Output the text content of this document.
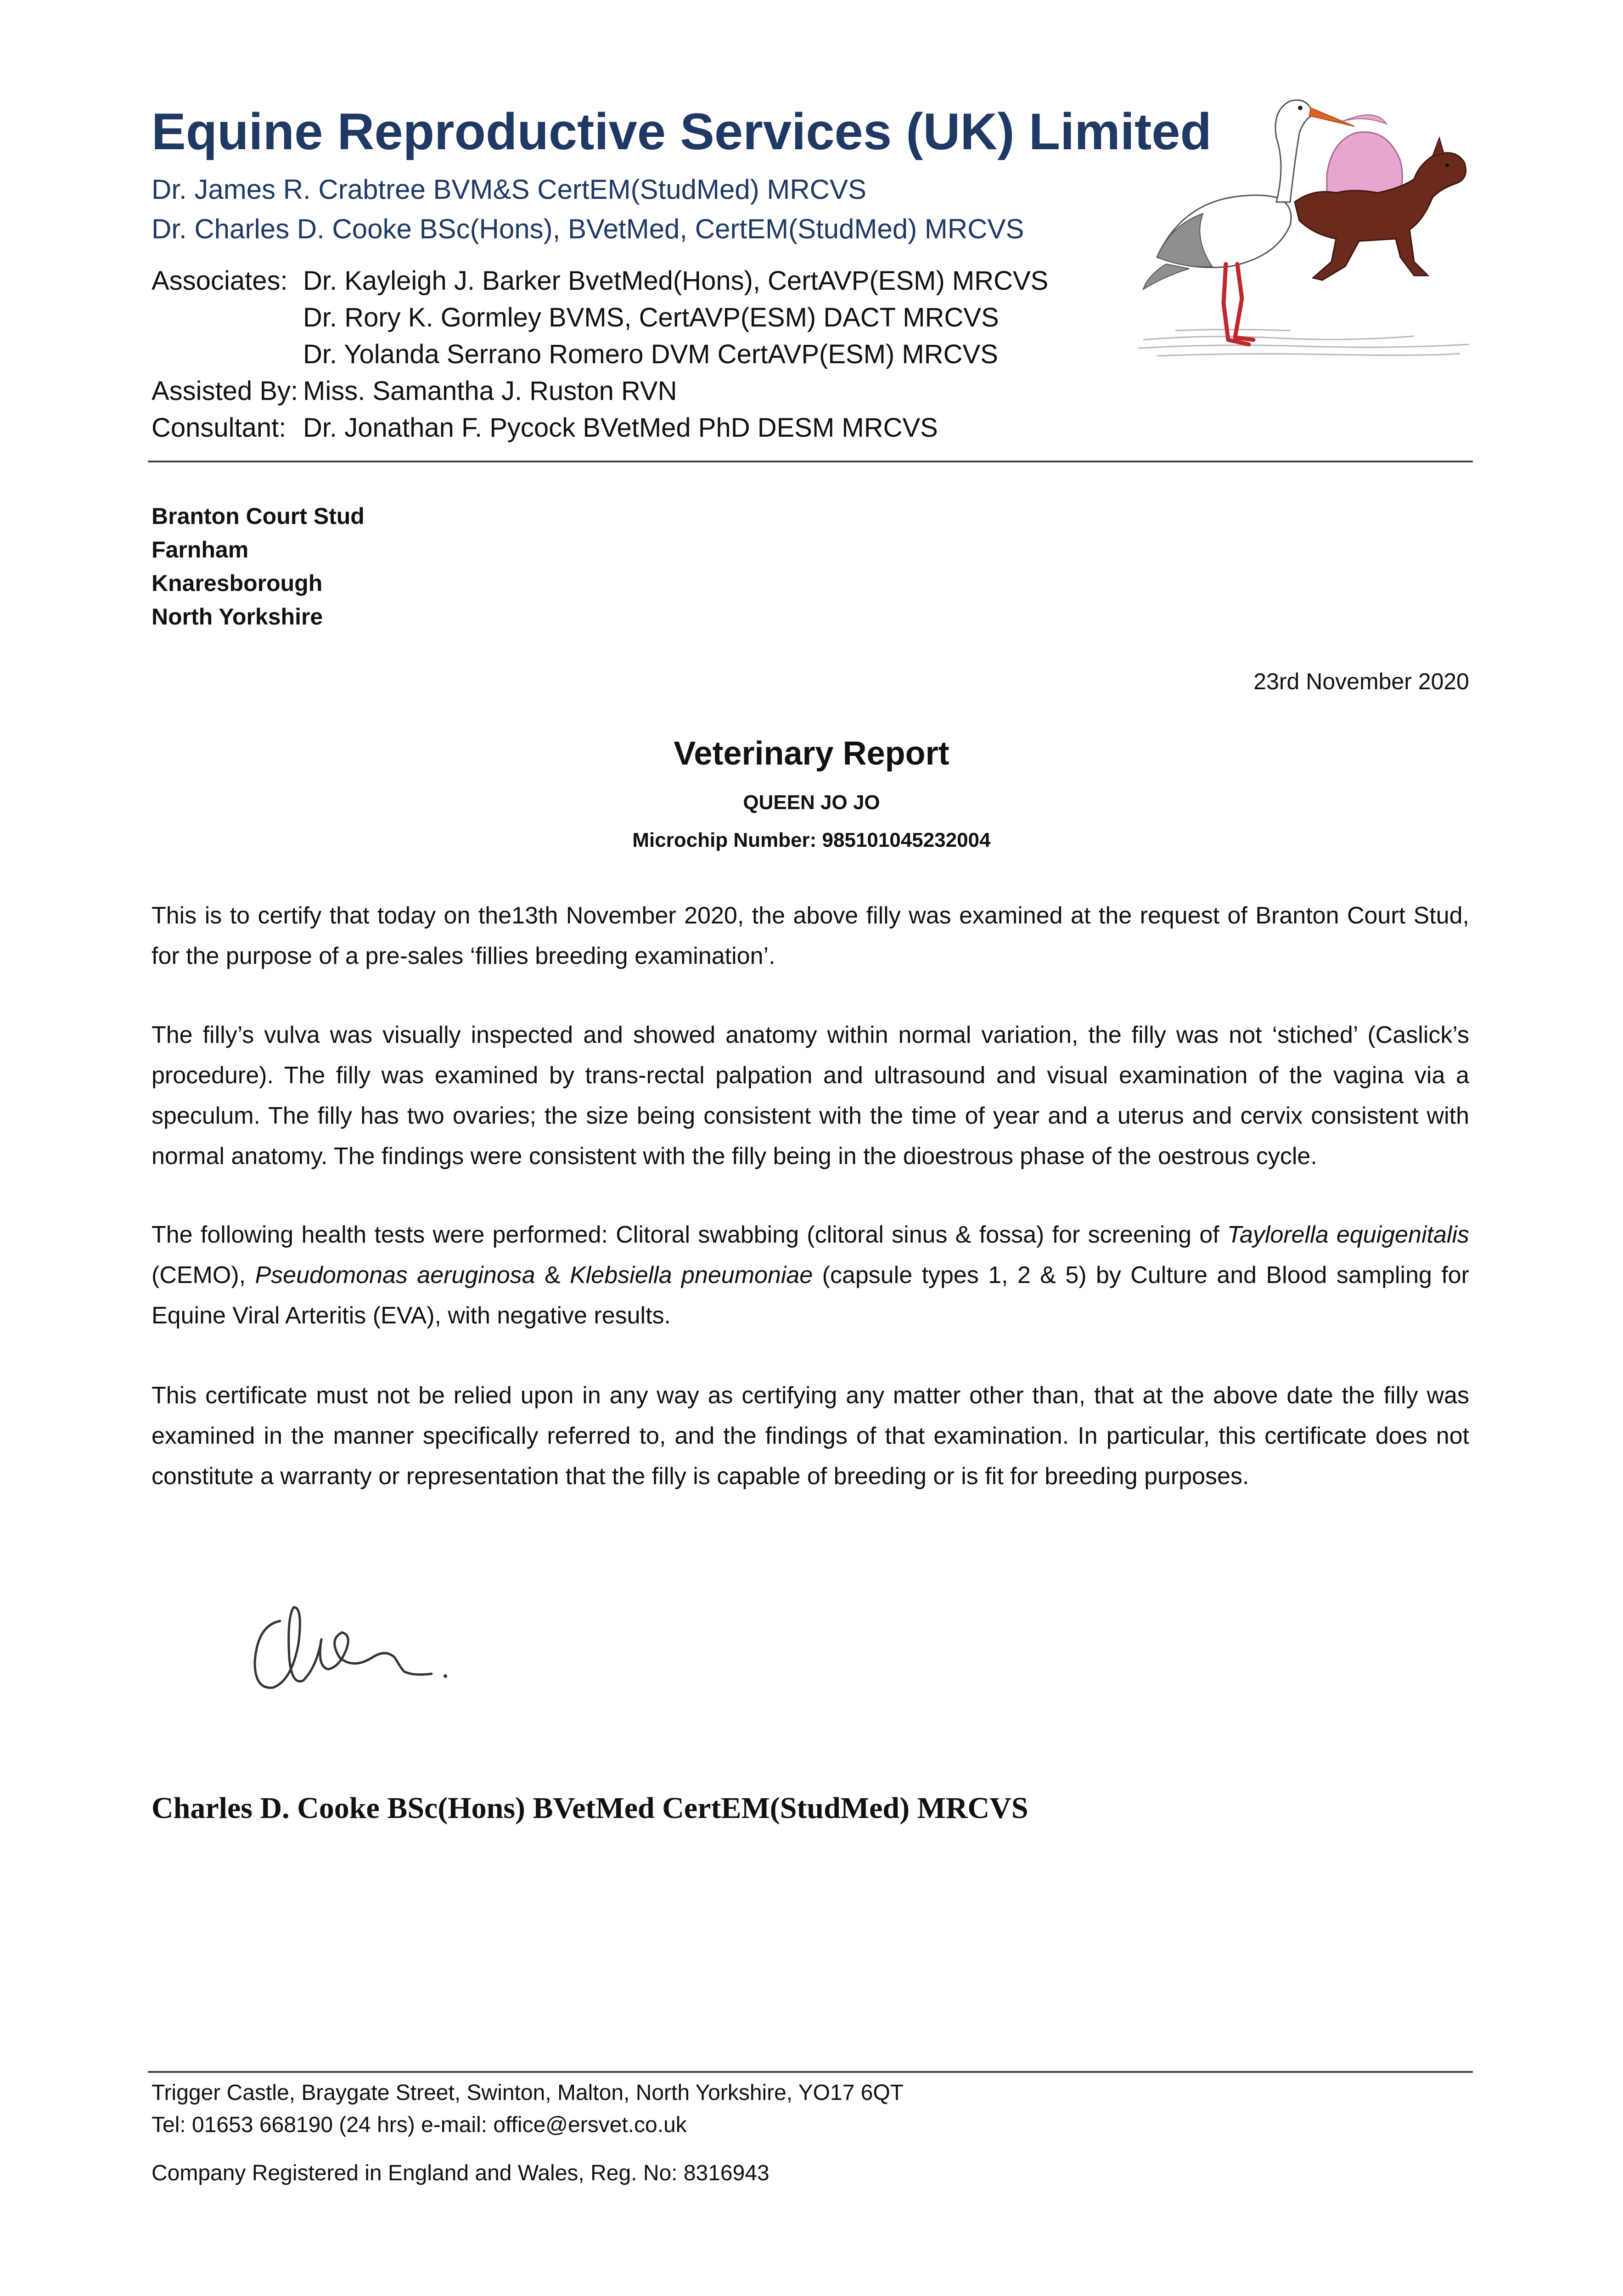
Equine Reproductive Services (UK) Limited
Dr. James R. Crabtree BVM&S CertEM(StudMed) MRCVS
Dr. Charles D. Cooke BSc(Hons), BVetMed, CertEM(StudMed) MRCVS
Associates: Dr. Kayleigh J. Barker BvetMed(Hons), CertAVP(ESM) MRCVS
Dr. Rory K. Gormley BVMS, CertAVP(ESM) DACT MRCVS
Dr. Yolanda Serrano Romero DVM CertAVP(ESM) MRCVS
Assisted By: Miss. Samantha J. Ruston RVN
Consultant: Dr. Jonathan F. Pycock BVetMed PhD DESM MRCVS
Branton Court Stud
Farnham
Knaresborough
North Yorkshire
23rd November 2020
Veterinary Report
QUEEN JO JO
Microchip Number: 985101045232004

This is to certify that today on the13th November 2020, the above filly was examined at the request of Branton Court Stud, for the purpose of a pre-sales ‘fillies breeding examination’.

The filly’s vulva was visually inspected and showed anatomy within normal variation, the filly was not ‘stiched’ (Caslick’s procedure). The filly was examined by trans-rectal palpation and ultrasound and visual examination of the vagina via a speculum. The filly has two ovaries; the size being consistent with the time of year and a uterus and cervix consistent with normal anatomy. The findings were consistent with the filly being in the dioestrous phase of the oestrous cycle.

The following health tests were performed: Clitoral swabbing (clitoral sinus & fossa) for screening of Taylorella equigenitalis (CEMO), Pseudomonas aeruginosa & Klebsiella pneumoniae (capsule types 1, 2 & 5) by Culture and Blood sampling for Equine Viral Arteritis (EVA), with negative results.

This certificate must not be relied upon in any way as certifying any matter other than, that at the above date the filly was examined in the manner specifically referred to, and the findings of that examination. In particular, this certificate does not constitute a warranty or representation that the filly is capable of breeding or is fit for breeding purposes.

Charles D. Cooke BSc(Hons) BVetMed CertEM(StudMed) MRCVS
Trigger Castle, Braygate Street, Swinton, Malton, North Yorkshire, YO17 6QT
Tel: 01653 668190 (24 hrs) e-mail: office@ersvet.co.uk
Company Registered in England and Wales, Reg. No: 8316943
